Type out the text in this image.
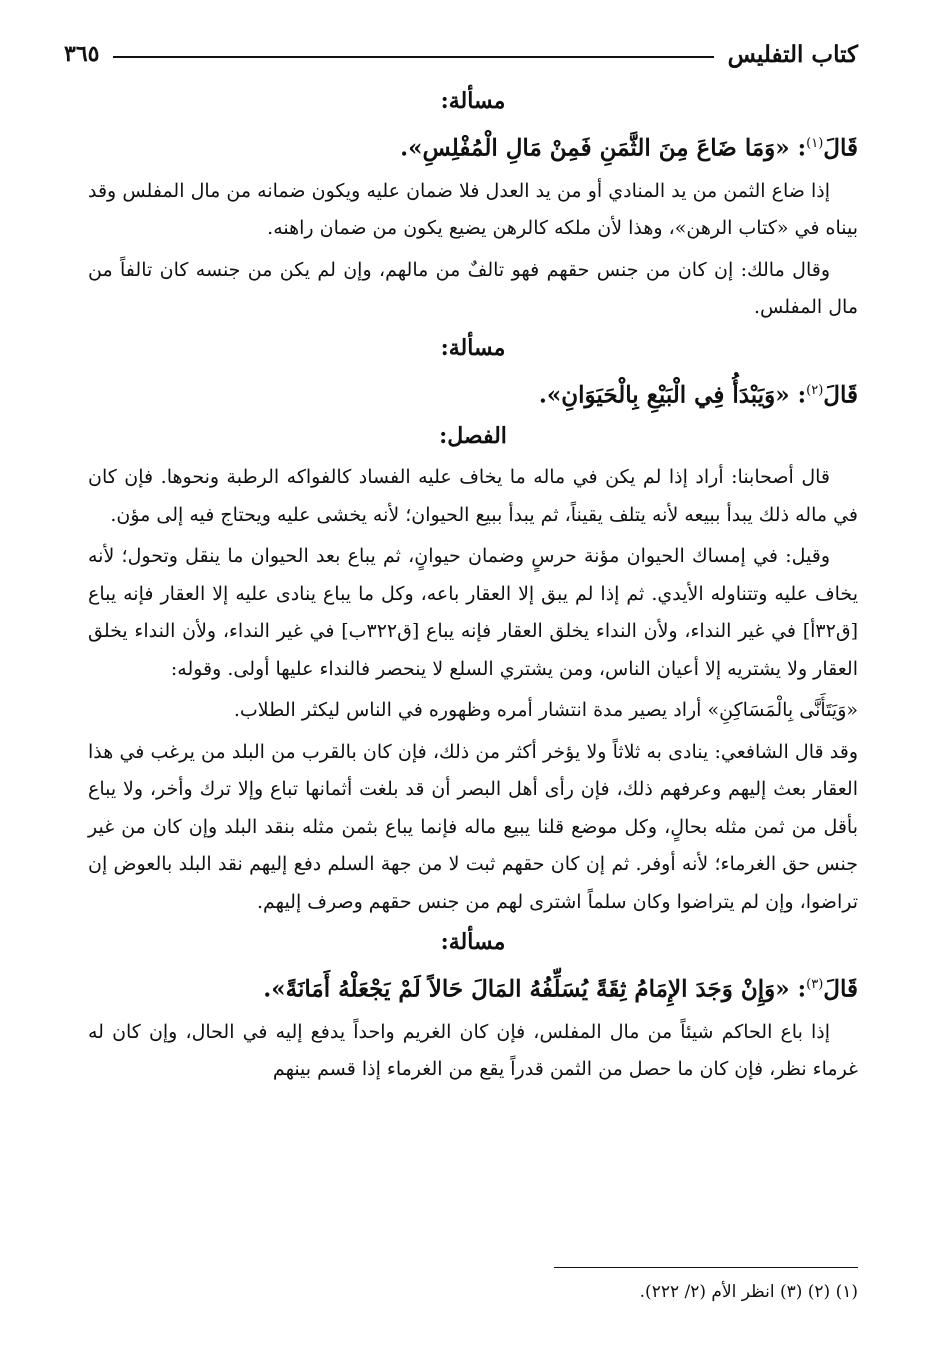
كتاب التفليس
٣٦٥
مسألة:
قَالَ$^{(١)}$: «وَمَا ضَاعَ مِنَ الثَّمَنِ فَمِنْ مَالِ الْمُفْلِسِ».

إذا ضاع الثمن من يد المنادي أو من يد العدل فلا ضمان عليه ويكون ضمانه من مال المفلس وقد بيناه في «كتاب الرهن»، وهذا لأن ملكه كالرهن يضيع يكون من ضمان راهنه.

وقال مالك: إن كان من جنس حقهم فهو تالفٌ من مالهم، وإن لم يكن من جنسه كان تالفاً من مال المفلس.

مسألة:
قَالَ$^{(٢)}$: «وَيَبْدَأُ فِي الْبَيْعِ بِالْحَيَوَانِ».
الفصل:

قال أصحابنا: أراد إذا لم يكن في ماله ما يخاف عليه الفساد كالفواكه الرطبة ونحوها. فإن كان في ماله ذلك يبدأ ببيعه لأنه يتلف يقيناً، ثم يبدأ ببيع الحيوان؛ لأنه يخشى عليه ويحتاج فيه إلى مؤن.

وقيل: في إمساك الحيوان مؤنة حرسٍ وضمان حيوانٍ، ثم يباع بعد الحيوان ما ينقل وتحول؛ لأنه يخاف عليه وتتناوله الأيدي. ثم إذا لم يبق إلا العقار باعه، وكل ما يباع ينادى عليه إلا العقار فإنه يباع [ق٣٢أ] في غير النداء، ولأن النداء يخلق العقار فإنه يباع [ق٣٢٢ب] في غير النداء، ولأن النداء يخلق العقار ولا يشتريه إلا أعيان الناس، ومن يشتري السلع لا ينحصر فالنداء عليها أولى. وقوله:

«وَيَتَأَنَّى بِالْمَسَاكِنِ» أراد يصير مدة انتشار أمره وظهوره في الناس ليكثر الطلاب.

وقد قال الشافعي: ينادى به ثلاثاً ولا يؤخر أكثر من ذلك، فإن كان بالقرب من البلد من يرغب في هذا العقار بعث إليهم وعرفهم ذلك، فإن رأى أهل البصر أن قد بلغت أثمانها تباع وإلا ترك وأخر، ولا يباع بأقل من ثمن مثله بحالٍ، وكل موضع قلنا يبيع ماله فإنما يباع بثمن مثله بنقد البلد وإن كان من غير جنس حق الغرماء؛ لأنه أوفر. ثم إن كان حقهم ثبت لا من جهة السلم دفع إليهم نقد البلد بالعوض إن تراضوا، وإن لم يتراضوا وكان سلماً اشترى لهم من جنس حقهم وصرف إليهم.

مسألة:
قَالَ$^{(٣)}$: «وَإِنْ وَجَدَ الإِمَامُ ثِقَةً يُسَلِّفُهُ المَالَ حَالاً لَمْ يَجْعَلْهُ أَمَانَةً».

إذا باع الحاكم شيئاً من مال المفلس، فإن كان الغريم واحداً يدفع إليه في الحال، وإن كان له غرماء نظر، فإن كان ما حصل من الثمن قدراً يقع من الغرماء إذا قسم بينهم

(١) (٢) (٣) انظر الأم (٢/ ٢٢٢).
